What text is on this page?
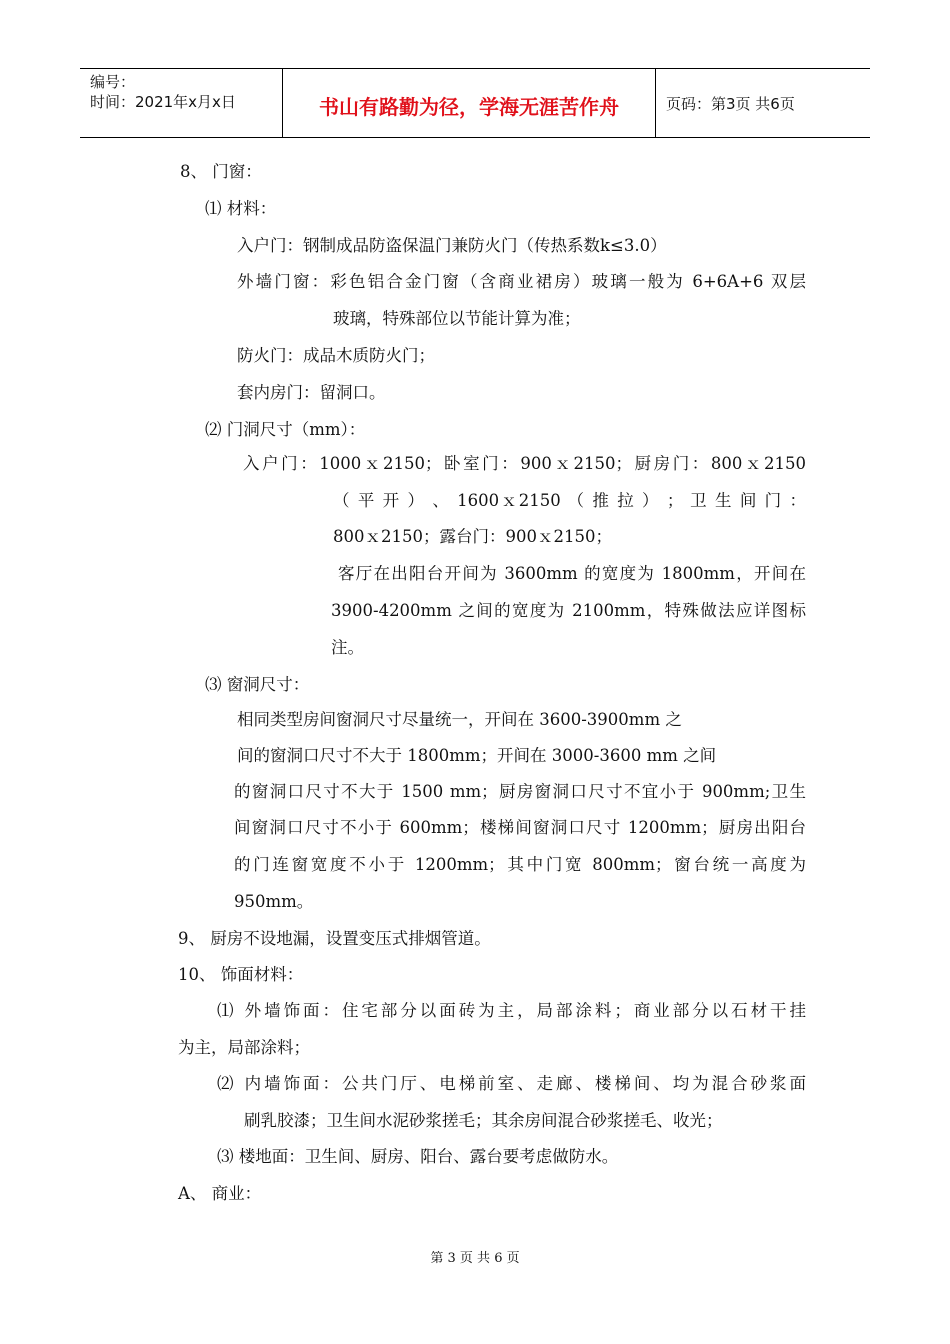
编号：
时间：2021年x月x日	书山有路勤为径，学海无涯苦作舟	页码：第3页 共6页
8、 门窗：
⑴ 材料：
入户门：钢制成品防盗保温门兼防火门（传热系数k≤3.0）
外墙门窗：彩色铝合金门窗（含商业裙房）玻璃一般为 6+6A+6 双层
玻璃，特殊部位以节能计算为准；
防火门：成品木质防火门；
套内房门：留洞口。
⑵ 门洞尺寸（mm）：
入户门：1000ｘ2150；卧室门：900ｘ2150；厨房门：800ｘ2150
（ 平 开 ） 、 1600ｘ2150 （ 推 拉 ） ； 卫 生 间 门 ：
800ｘ2150；露台门：900ｘ2150；
客厅在出阳台开间为 3600mm 的宽度为 1800mm，开间在
3900-4200mm 之间的宽度为 2100mm，特殊做法应详图标
注。
⑶ 窗洞尺寸：
相同类型房间窗洞尺寸尽量统一，开间在 3600-3900mm 之
间的窗洞口尺寸不大于 1800mm；开间在 3000-3600 mm 之间
的窗洞口尺寸不大于 1500 mm；厨房窗洞口尺寸不宜小于 900mm;卫生
间窗洞口尺寸不小于 600mm；楼梯间窗洞口尺寸 1200mm；厨房出阳台
的门连窗宽度不小于 1200mm；其中门宽 800mm；窗台统一高度为
950mm。
9、 厨房不设地漏，设置变压式排烟管道。
10、 饰面材料：
⑴ 外墙饰面：住宅部分以面砖为主，局部涂料；商业部分以石材干挂
为主，局部涂料；
⑵ 内墙饰面：公共门厅、电梯前室、走廊、楼梯间、均为混合砂浆面
刷乳胶漆；卫生间水泥砂浆搓毛；其余房间混合砂浆搓毛、收光；
⑶ 楼地面：卫生间、厨房、阳台、露台要考虑做防水。
A、 商业：
第 3 页 共 6 页
